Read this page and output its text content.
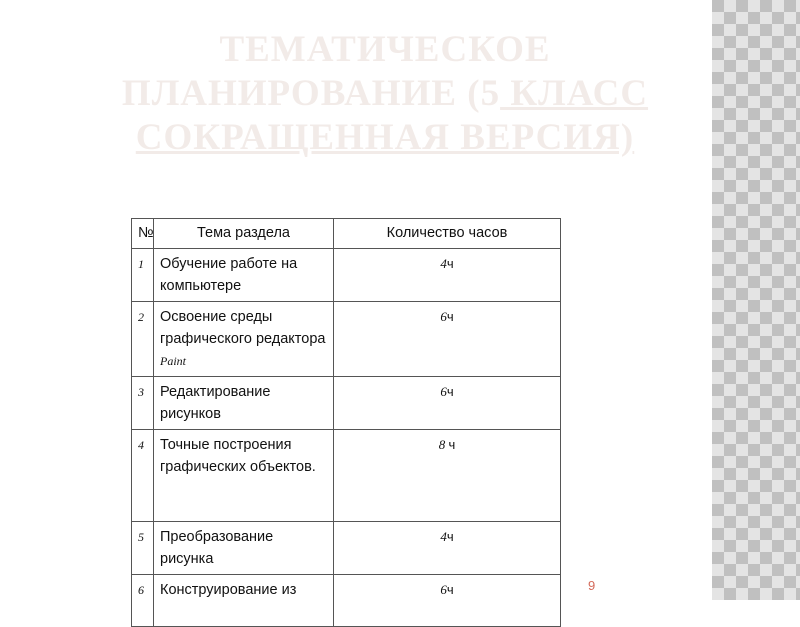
ТЕМАТИЧЕСКОЕ
ПЛАНИРОВАНИЕ (5 КЛАСС
СОКРАЩЕННАЯ ВЕРСИЯ)
№	Тема раздела	Количество часов
1	Обучение работе на компьютере	4ч
2	Освоение среды графического редактора Paint	6ч
3	Редактирование рисунков	6ч
4	Точные построения графических объектов.	8 ч
5	Преобразование рисунка	4ч
6	Конструирование из	6ч	9
